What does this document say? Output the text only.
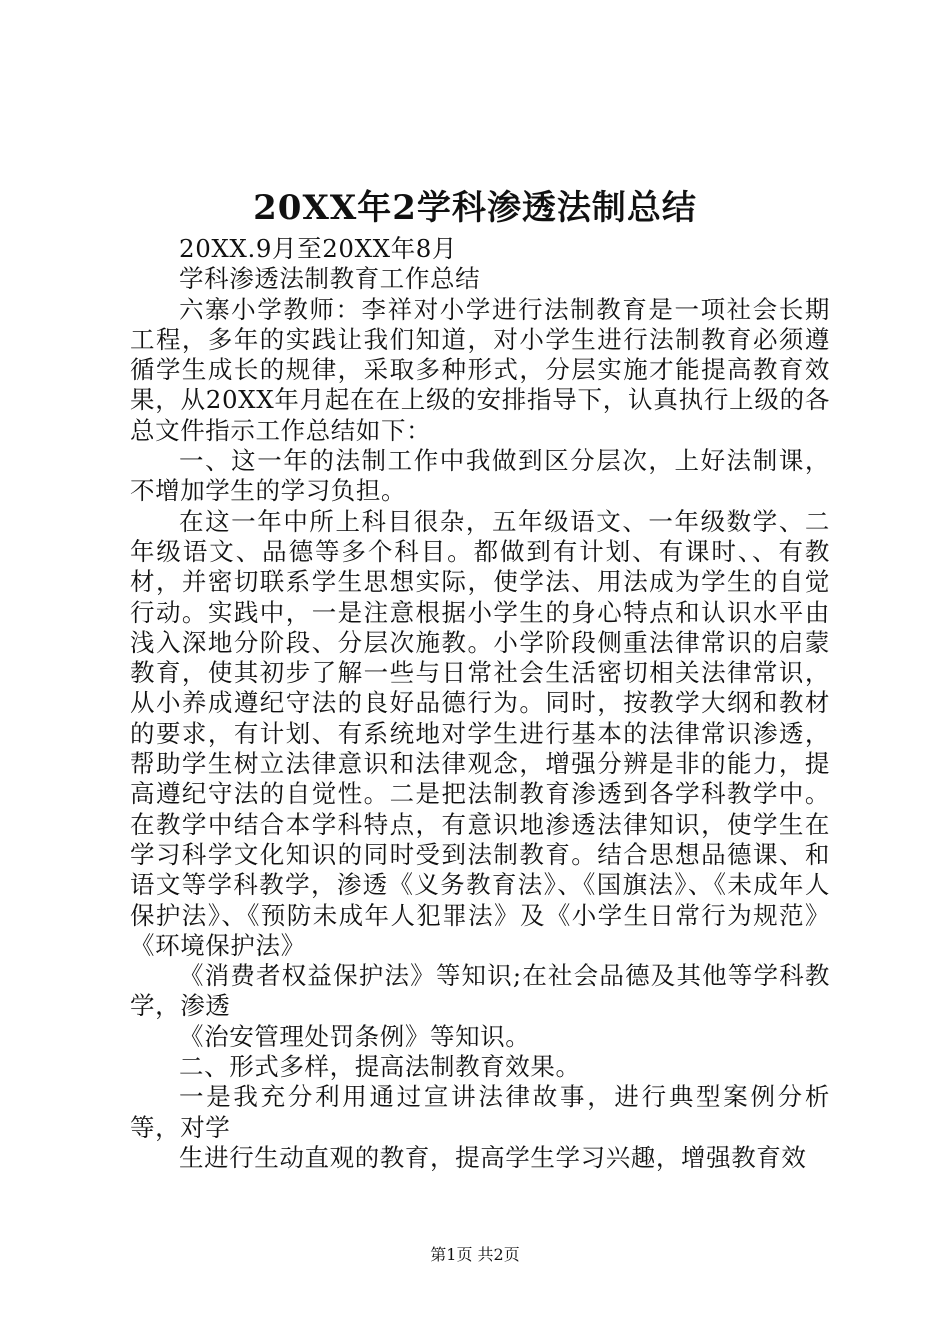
20XX年2学科渗透法制总结

20XX.9月至20XX年8月

学科渗透法制教育工作总结

六寨小学教师：李祥对小学进行法制教育是一项社会长期工程，多年的实践让我们知道，对小学生进行法制教育必须遵循学生成长的规律，采取多种形式，分层实施才能提高教育效果，从20XX年月起在在上级的安排指导下，认真执行上级的各总文件指示工作总结如下：

一、这一年的法制工作中我做到区分层次，上好法制课，不增加学生的学习负担。

在这一年中所上科目很杂，五年级语文、一年级数学、二年级语文、品德等多个科目。都做到有计划、有课时、、有教材，并密切联系学生思想实际，使学法、用法成为学生的自觉行动。实践中，一是注意根据小学生的身心特点和认识水平由浅入深地分阶段、分层次施教。小学阶段侧重法律常识的启蒙教育，使其初步了解一些与日常社会生活密切相关法律常识，从小养成遵纪守法的良好品德行为。同时，按教学大纲和教材的要求，有计划、有系统地对学生进行基本的法律常识渗透，帮助学生树立法律意识和法律观念，增强分辨是非的能力，提高遵纪守法的自觉性。二是把法制教育渗透到各学科教学中。在教学中结合本学科特点，有意识地渗透法律知识，使学生在学习科学文化知识的同时受到法制教育。结合思想品德课、和语文等学科教学，渗透《义务教育法》、《国旗法》、《未成年人保护法》、《预防未成年人犯罪法》及《小学生日常行为规范》《环境保护法》

《消费者权益保护法》等知识;在社会品德及其他等学科教学，渗透

《治安管理处罚条例》等知识。

二、形式多样，提高法制教育效果。

一是我充分利用通过宣讲法律故事，进行典型案例分析等，对学

生进行生动直观的教育，提高学生学习兴趣，增强教育效

第1页 共2页
